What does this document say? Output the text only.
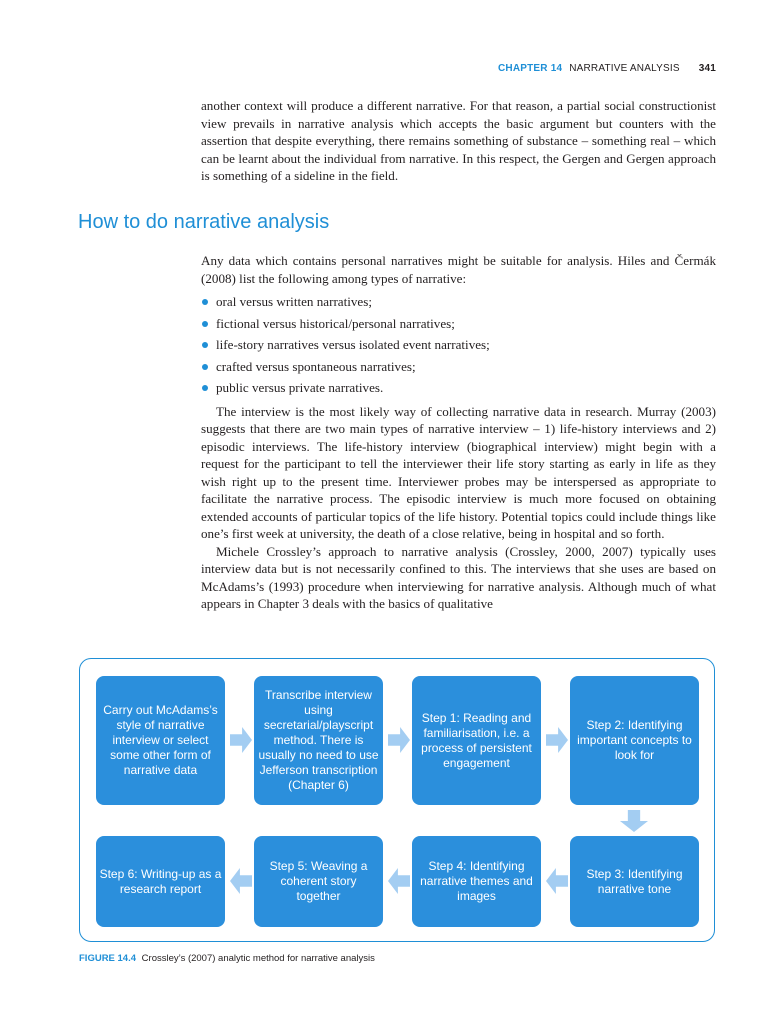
CHAPTER 14 NARRATIVE ANALYSIS 341

another context will produce a different narrative. For that reason, a partial social constructionist view prevails in narrative analysis which accepts the basic argument but counters with the assertion that despite everything, there remains something of substance – something real – which can be learnt about the individual from narrative. In this respect, the Gergen and Gergen approach is something of a sideline in the field.

How to do narrative analysis

Any data which contains personal narratives might be suitable for analysis. Hiles and Čermák (2008) list the following among types of narrative:

oral versus written narratives;
fictional versus historical/personal narratives;
life-story narratives versus isolated event narratives;
crafted versus spontaneous narratives;
public versus private narratives.

The interview is the most likely way of collecting narrative data in research. Murray (2003) suggests that there are two main types of narrative interview – 1) life-history interviews and 2) episodic interviews. The life-history interview (biographical interview) might begin with a request for the participant to tell the interviewer their life story starting as early in life as they wish right up to the present time. Interviewer probes may be interspersed as appropriate to facilitate the narrative process. The episodic interview is much more focused on obtaining extended accounts of particular topics of the life history. Potential topics could include things like one’s first week at university, the death of a close relative, being in hospital and so forth.

Michele Crossley’s approach to narrative analysis (Crossley, 2000, 2007) typically uses interview data but is not necessarily confined to this. The interviews that she uses are based on McAdams’s (1993) procedure when interviewing for narrative analysis. Although much of what appears in Chapter 3 deals with the basics of qualitative

Carry out McAdams’s style of narrative interview or select some other form of narrative data
Transcribe interview using secretarial/playscript method. There is usually no need to use Jefferson transcription (Chapter 6)
Step 1: Reading and familiarisation, i.e. a process of persistent engagement
Step 2: Identifying important concepts to look for
Step 6: Writing-up as a research report
Step 5: Weaving a coherent story together
Step 4: Identifying narrative themes and images
Step 3: Identifying narrative tone
FIGURE 14.4 Crossley’s (2007) analytic method for narrative analysis
